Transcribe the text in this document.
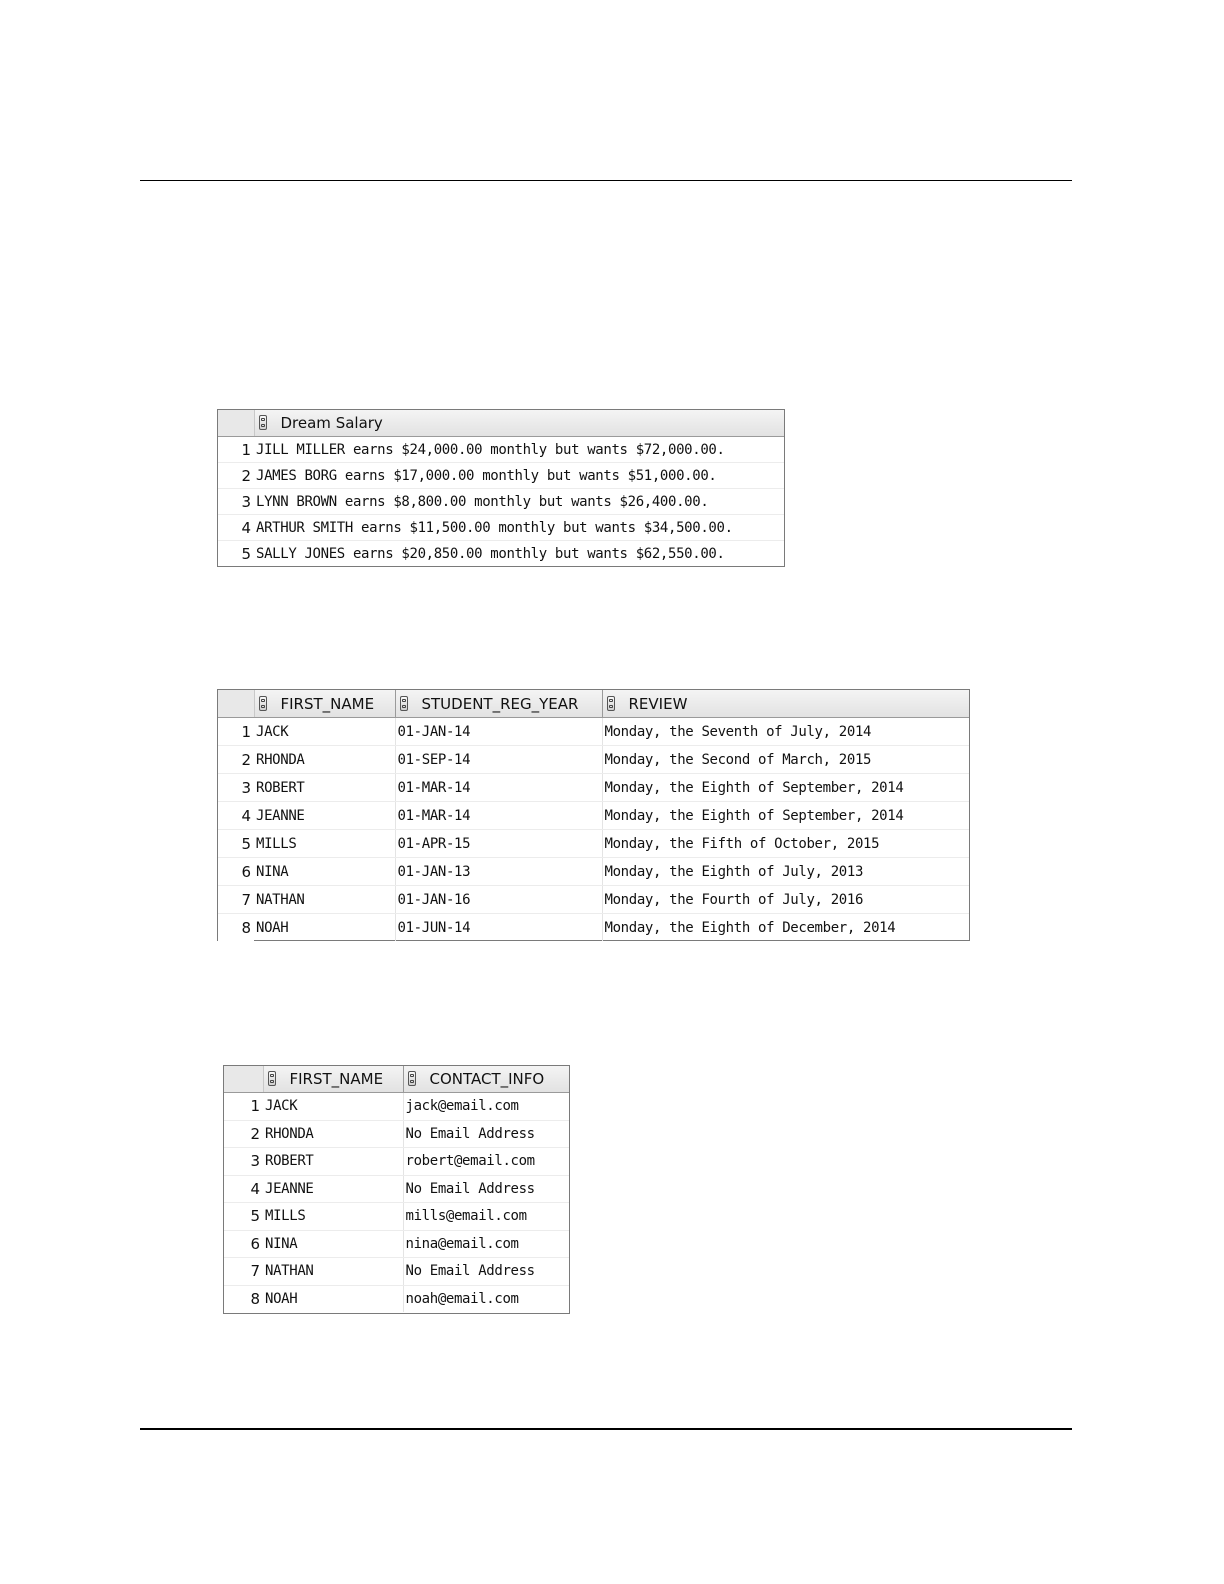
	Dream Salary
1	JILL MILLER earns $24,000.00 monthly but wants $72,000.00.
2	JAMES BORG earns $17,000.00 monthly but wants $51,000.00.
3	LYNN BROWN earns $8,800.00 monthly but wants $26,400.00.
4	ARTHUR SMITH earns $11,500.00 monthly but wants $34,500.00.
5	SALLY JONES earns $20,850.00 monthly but wants $62,550.00.
	FIRST_NAME	STUDENT_REG_YEAR	REVIEW
1	JACK	01-JAN-14	Monday, the Seventh of July, 2014
2	RHONDA	01-SEP-14	Monday, the Second of March, 2015
3	ROBERT	01-MAR-14	Monday, the Eighth of September, 2014
4	JEANNE	01-MAR-14	Monday, the Eighth of September, 2014
5	MILLS	01-APR-15	Monday, the Fifth of October, 2015
6	NINA	01-JAN-13	Monday, the Eighth of July, 2013
7	NATHAN	01-JAN-16	Monday, the Fourth of July, 2016
8	NOAH	01-JUN-14	Monday, the Eighth of December, 2014
	FIRST_NAME	CONTACT_INFO
1	JACK	jack@email.com
2	RHONDA	No Email Address
3	ROBERT	robert@email.com
4	JEANNE	No Email Address
5	MILLS	mills@email.com
6	NINA	nina@email.com
7	NATHAN	No Email Address
8	NOAH	noah@email.com
